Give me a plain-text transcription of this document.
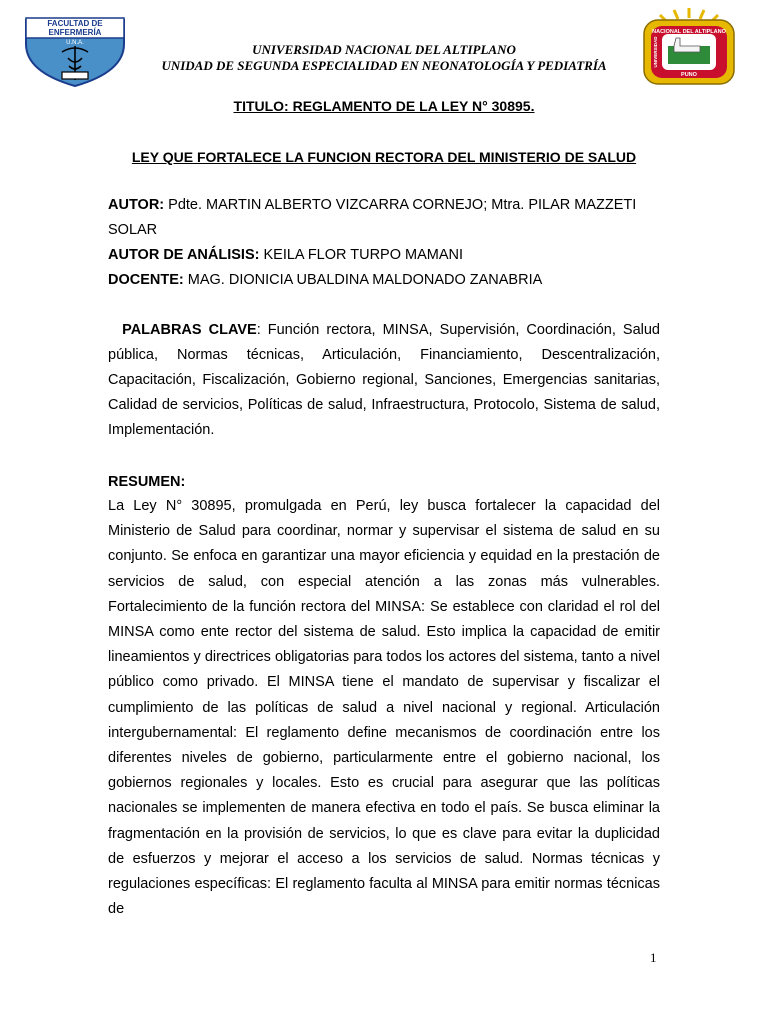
FACULTAD DE
ENFERMERÍA
U.N.A.
NACIONAL DEL ALTIPLANO
UNIVERSIDAD
PUNO
UNIVERSIDAD NACIONAL DEL ALTIPLANO
UNIDAD DE SEGUNDA ESPECIALIDAD EN NEONATOLOGÍA Y PEDIATRÍA
TITULO: REGLAMENTO DE LA LEY N° 30895.
LEY QUE FORTALECE LA FUNCION RECTORA DEL MINISTERIO DE SALUD

AUTOR: Pdte. MARTIN ALBERTO VIZCARRA CORNEJO; Mtra. PILAR MAZZETI SOLAR

AUTOR DE ANÁLISIS: KEILA FLOR TURPO MAMANI

DOCENTE: MAG. DIONICIA UBALDINA MALDONADO ZANABRIA

PALABRAS CLAVE: Función rectora, MINSA, Supervisión, Coordinación, Salud pública, Normas técnicas, Articulación, Financiamiento, Descentralización, Capacitación, Fiscalización, Gobierno regional, Sanciones, Emergencias sanitarias, Calidad de servicios, Políticas de salud, Infraestructura, Protocolo, Sistema de salud, Implementación.
RESUMEN:
La Ley N° 30895, promulgada en Perú, ley busca fortalecer la capacidad del Ministerio de Salud para coordinar, normar y supervisar el sistema de salud en su conjunto. Se enfoca en garantizar una mayor eficiencia y equidad en la prestación de servicios de salud, con especial atención a las zonas más vulnerables. Fortalecimiento de la función rectora del MINSA: Se establece con claridad el rol del MINSA como ente rector del sistema de salud. Esto implica la capacidad de emitir lineamientos y directrices obligatorias para todos los actores del sistema, tanto a nivel público como privado. El MINSA tiene el mandato de supervisar y fiscalizar el cumplimiento de las políticas de salud a nivel nacional y regional. Articulación intergubernamental: El reglamento define mecanismos de coordinación entre los diferentes niveles de gobierno, particularmente entre el gobierno nacional, los gobiernos regionales y locales. Esto es crucial para asegurar que las políticas nacionales se implementen de manera efectiva en todo el país. Se busca eliminar la fragmentación en la provisión de servicios, lo que es clave para evitar la duplicidad de esfuerzos y mejorar el acceso a los servicios de salud. Normas técnicas y regulaciones específicas: El reglamento faculta al MINSA para emitir normas técnicas de
1
